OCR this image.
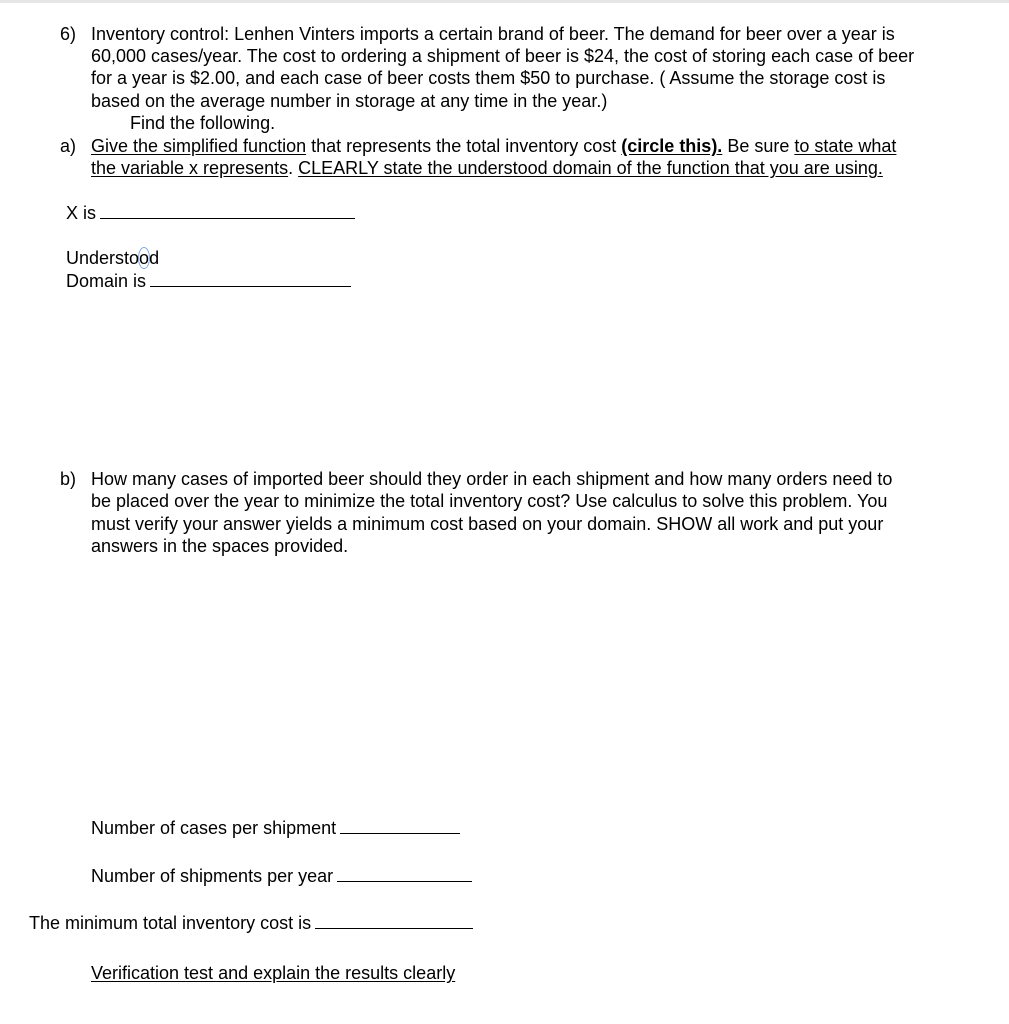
6) Inventory control: Lenhen Vinters imports a certain brand of beer. The demand for beer over a year is
60,000 cases/year. The cost to ordering a shipment of beer is $24, the cost of storing each case of beer
for a year is $2.00, and each case of beer costs them $50 to purchase. ( Assume the storage cost is
based on the average number in storage at any time in the year.)
Find the following.
a) Give the simplified function that represents the total inventory cost (circle this). Be sure to state what
the variable x represents. CLEARLY state the understood domain of the function that you are using.
X is
Understood
Domain is
b) How many cases of imported beer should they order in each shipment and how many orders need to
be placed over the year to minimize the total inventory cost? Use calculus to solve this problem. You
must verify your answer yields a minimum cost based on your domain. SHOW all work and put your
answers in the spaces provided.
Number of cases per shipment
Number of shipments per year
The minimum total inventory cost is
Verification test and explain the results clearly
